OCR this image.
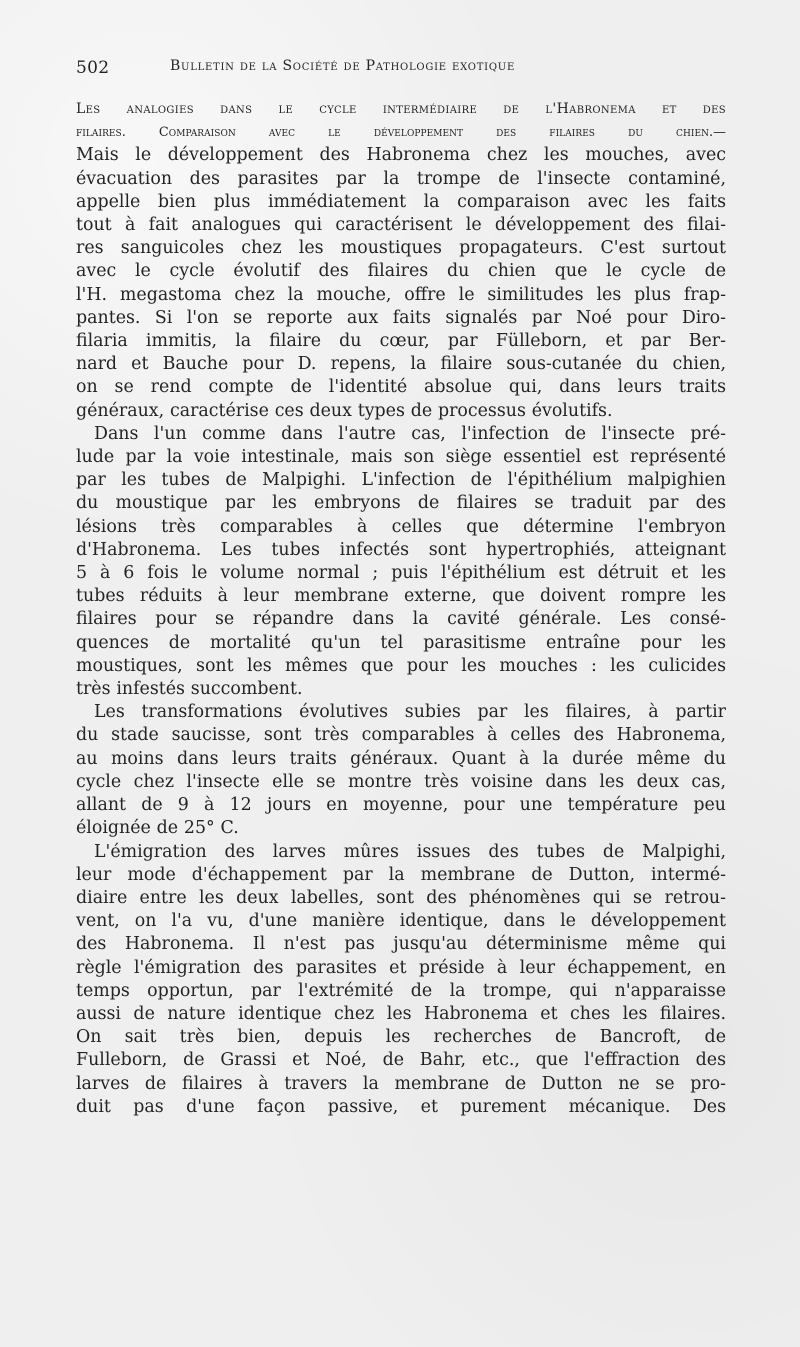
502	Bulletin de la Société de Pathologie exotique
Les analogies dans le cycle intermédiaire de l'Habronema et des
filaires. Comparaison avec le développement des filaires du chien.—
Mais le développement des Habronema chez les mouches, avec
évacuation des parasites par la trompe de l'insecte contaminé,
appelle bien plus immédiatement la comparaison avec les faits
tout à fait analogues qui caractérisent le développement des filai-
res sanguicoles chez les moustiques propagateurs. C'est surtout
avec le cycle évolutif des filaires du chien que le cycle de
l'H. megastoma chez la mouche, offre le similitudes les plus frap-
pantes. Si l'on se reporte aux faits signalés par Noé pour Diro-
filaria immitis, la filaire du cœur, par Fülleborn, et par Ber-
nard et Bauche pour D. repens, la filaire sous-cutanée du chien,
on se rend compte de l'identité absolue qui, dans leurs traits
généraux, caractérise ces deux types de processus évolutifs.
Dans l'un comme dans l'autre cas, l'infection de l'insecte pré-
lude par la voie intestinale, mais son siège essentiel est représenté
par les tubes de Malpighi. L'infection de l'épithélium malpighien
du moustique par les embryons de filaires se traduit par des
lésions très comparables à celles que détermine l'embryon
d'Habronema. Les tubes infectés sont hypertrophiés, atteignant
5 à 6 fois le volume normal ; puis l'épithélium est détruit et les
tubes réduits à leur membrane externe, que doivent rompre les
filaires pour se répandre dans la cavité générale. Les consé-
quences de mortalité qu'un tel parasitisme entraîne pour les
moustiques, sont les mêmes que pour les mouches : les culicides
très infestés succombent.
Les transformations évolutives subies par les filaires, à partir
du stade saucisse, sont très comparables à celles des Habronema,
au moins dans leurs traits généraux. Quant à la durée même du
cycle chez l'insecte elle se montre très voisine dans les deux cas,
allant de 9 à 12 jours en moyenne, pour une température peu
éloignée de 25° C.
L'émigration des larves mûres issues des tubes de Malpighi,
leur mode d'échappement par la membrane de Dutton, intermé-
diaire entre les deux labelles, sont des phénomènes qui se retrou-
vent, on l'a vu, d'une manière identique, dans le développement
des Habronema. Il n'est pas jusqu'au déterminisme même qui
règle l'émigration des parasites et préside à leur échappement, en
temps opportun, par l'extrémité de la trompe, qui n'apparaisse
aussi de nature identique chez les Habronema et ches les filaires.
On sait très bien, depuis les recherches de Bancroft, de
Fulleborn, de Grassi et Noé, de Bahr, etc., que l'effraction des
larves de filaires à travers la membrane de Dutton ne se pro-
duit pas d'une façon passive, et purement mécanique. Des
